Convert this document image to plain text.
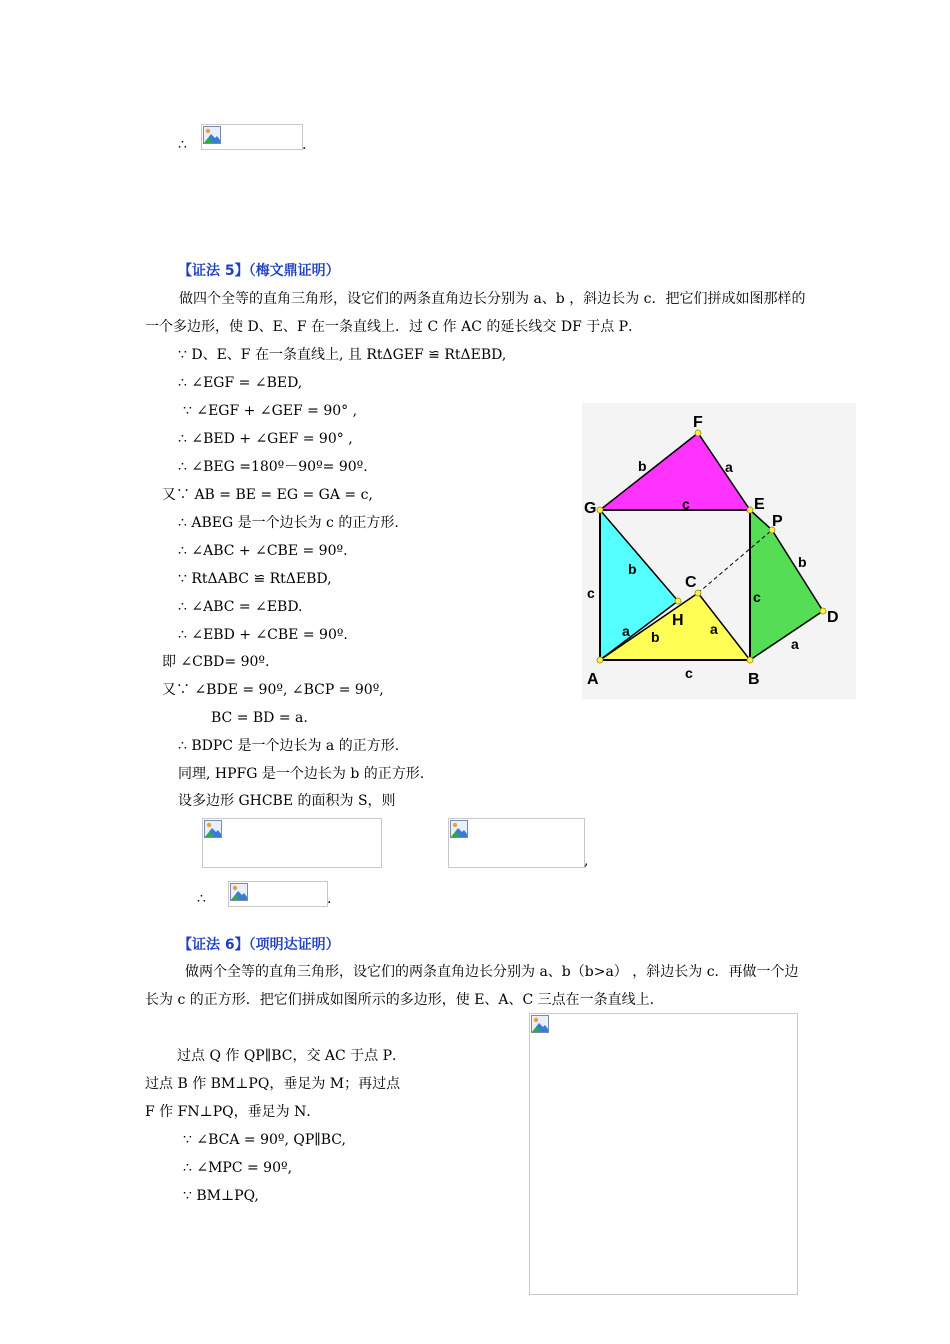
∴	.
【证法 5】（梅文鼎证明）
做四个全等的直角三角形，设它们的两条直角边长分别为 a、b ，斜边长为 c．把它们拼成如图那样的一个多边形，使 D、E、F 在一条直线上．过 C 作 AC 的延长线交 DF 于点 P．
∵ D、E、F 在一条直线上, 且 RtΔGEF ≌ RtΔEBD,
∴ ∠EGF = ∠BED,
∵ ∠EGF + ∠GEF = 90° ,
∴ ∠BED + ∠GEF = 90° ,
∴ ∠BEG =180º－90º= 90º.
又∵ AB = BE = EG = GA = c,
∴ ABEG 是一个边长为 c 的正方形.
∴ ∠ABC + ∠CBE = 90º.
∵ RtΔABC ≌ RtΔEBD,
∴ ∠ABC = ∠EBD.
∴ ∠EBD + ∠CBE = 90º.
即 ∠CBD= 90º.
又∵ ∠BDE = 90º, ∠BCP = 90º,
BC = BD = a.
∴ BDPC 是一个边长为 a 的正方形.
同理, HPFG 是一个边长为 b 的正方形.
设多边形 GHCBE 的面积为 S，则
F
G	E
P
C
H	D
A	B
b	a
c
b
c
a b	a
c
b
c
a
,
∴	.
【证法 6】（项明达证明）
做两个全等的直角三角形，设它们的两条直角边长分别为 a、b（b>a） ，斜边长为 c．再做一个边长为 c 的正方形．把它们拼成如图所示的多边形，使 E、A、C 三点在一条直线上．
过点 Q 作 QP∥BC，交 AC 于点 P．过点 B 作 BM⊥PQ，垂足为 M；再过点 F 作 FN⊥PQ，垂足为 N．
∵ ∠BCA = 90º, QP∥BC,
∴ ∠MPC = 90º,
∵ BM⊥PQ,
